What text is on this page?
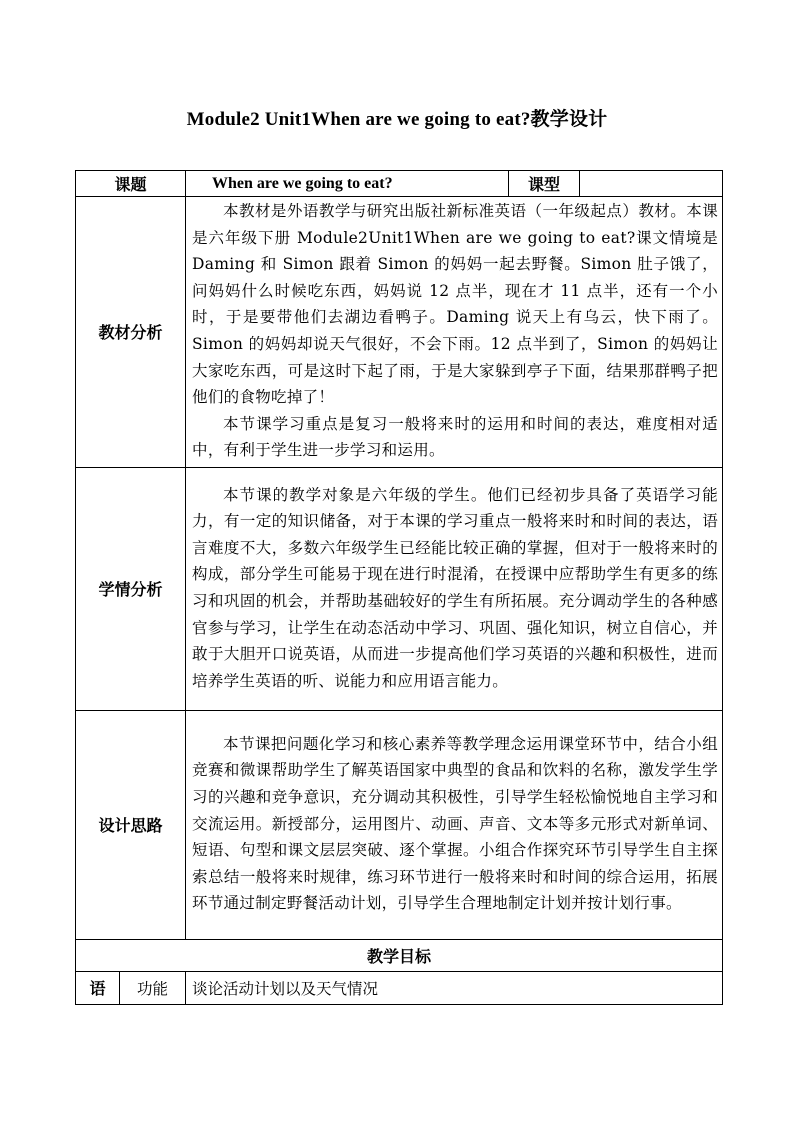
Module2 Unit1When are we going to eat?教学设计
课题		When are we going to eat?	课型	
教材分析		本教材是外语教学与研究出版社新标准英语（一年级起点）教材。本课是六年级下册 Module2Unit1When are we going to eat?课文情境是 Daming 和 Simon 跟着 Simon 的妈妈一起去野餐。Simon 肚子饿了，问妈妈什么时候吃东西，妈妈说 12 点半，现在才 11 点半，还有一个小时，于是要带他们去湖边看鸭子。Daming 说天上有乌云，快下雨了。Simon 的妈妈却说天气很好，不会下雨。12 点半到了，Simon 的妈妈让大家吃东西，可是这时下起了雨，于是大家躲到亭子下面，结果那群鸭子把他们的食物吃掉了！

本节课学习重点是复习一般将来时的运用和时间的表达，难度相对适中，有利于学生进一步学习和运用。		

学情分析		本节课的教学对象是六年级的学生。他们已经初步具备了英语学习能力，有一定的知识储备，对于本课的学习重点一般将来时和时间的表达，语言难度不大，多数六年级学生已经能比较正确的掌握，但对于一般将来时的构成，部分学生可能易于现在进行时混淆，在授课中应帮助学生有更多的练习和巩固的机会，并帮助基础较好的学生有所拓展。充分调动学生的各种感官参与学习，让学生在动态活动中学习、巩固、强化知识，树立自信心，并敢于大胆开口说英语，从而进一步提高他们学习英语的兴趣和积极性，进而培养学生英语的听、说能力和应用语言能力。		

设计思路		本节课把问题化学习和核心素养等教学理念运用课堂环节中，结合小组竞赛和微课帮助学生了解英语国家中典型的食品和饮料的名称，激发学生学习的兴趣和竞争意识，充分调动其积极性，引导学生轻松愉悦地自主学习和交流运用。新授部分，运用图片、动画、声音、文本等多元形式对新单词、短语、句型和课文层层突破、逐个掌握。小组合作探究环节引导学生自主探索总结一般将来时规律，练习环节进行一般将来时和时间的综合运用，拓展环节通过制定野餐活动计划，引导学生合理地制定计划并按计划行事。		

教学目标				
语	功能	谈论活动计划以及天气情况		
